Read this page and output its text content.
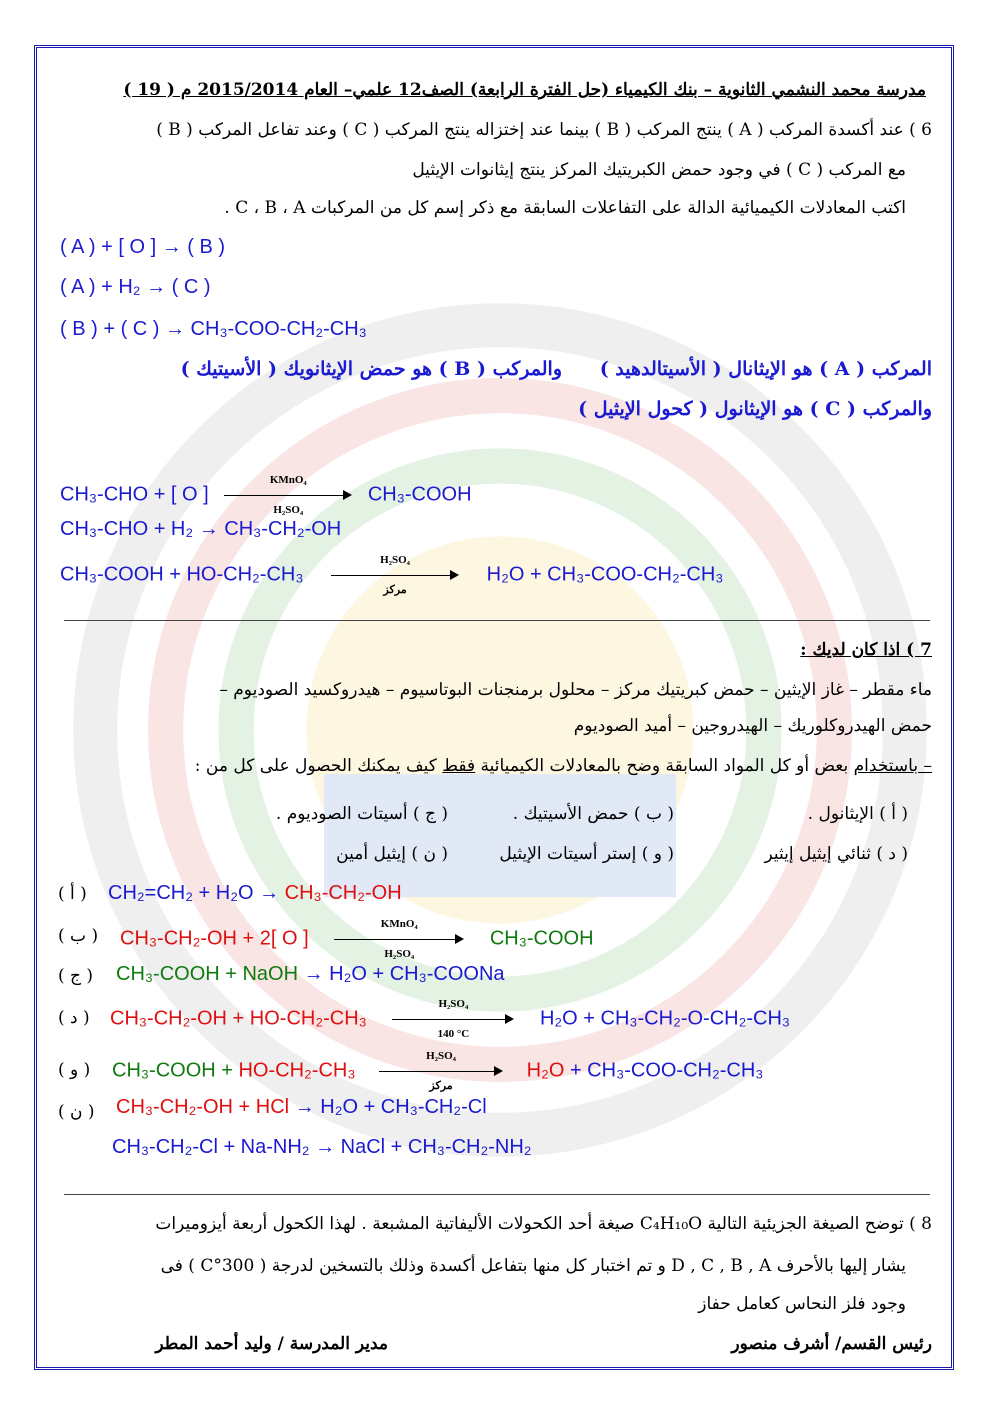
مدرسة محمد النشمي الثانوية – بنك الكيمياء (حل الفترة الرابعة) الصف12 علمي– العام 2015/2014 م ( 19 )
6 ) عند أكسدة المركب ( A ) ينتج المركب ( B ) بينما عند إختزاله ينتج المركب ( C ) وعند تفاعل المركب ( B )
مع المركب ( C ) في وجود حمض الكبريتيك المركز ينتج إيثانوات الإيثيل
اكتب المعادلات الكيميائية الدالة على التفاعلات السابقة مع ذكر إسم كل من المركبات C ، B ، A .
( A ) + [ O ] → ( B )
( A ) + H₂ → ( C )
( B ) + ( C ) → CH₃-COO-CH₂-CH₃
المركب ( A ) هو الإيثانال ( الأسيتالدهيد )
والمركب ( B ) هو حمض الإيثانويك ( الأسيتيك )
والمركب ( C ) هو الإيثانول ( كحول الإيثيل )
CH₃-CHO + [ O ]
KMnO₄
H₂SO₄
CH₃-COOH
CH₃-CHO + H₂ → CH₃-CH₂-OH
CH₃-COOH + HO-CH₂-CH₃
H₂SO₄
مركز
H₂O + CH₃-COO-CH₂-CH₃
7 ) اذا كان لديك :
ماء مقطر – غاز الإيثين – حمض كبريتيك مركز – محلول برمنجنات البوتاسيوم – هيدروكسيد الصوديوم –
حمض الهيدروكلوريك – الهيدروجين – أميد الصوديوم
– باستخدام بعض أو كل المواد السابقة وضح بالمعادلات الكيميائية فقط كيف يمكنك الحصول على كل من :
( أ ) الإيثانول .
( ب ) حمض الأسيتيك .
( ج ) أسيتات الصوديوم .
( د ) ثنائي إيثيل إيثير
( و ) إستر أسيتات الإيثيل
( ن ) إيثيل أمين
( أ ) CH₂=CH₂ + H₂O → CH₃-CH₂-OH
( ب ) CH₃-CH₂-OH + 2[ O ]
KMnO₄
H₂SO₄
CH₃-COOH
( ج ) CH₃-COOH + NaOH → H₂O + CH₃-COONa
( د ) $CH_3-CH_2-OH + HO-CH_2-CH_3 \frac{\text{H₂SO₄}}{140 ^\circ C} H_2O + CH_3-CH_2-O-CH_2-CH_3$
( و ) CH₃-COOH + HO-CH₂-CH₃
H₂SO₄
مركز
H₂O + CH₃-COO-CH₂-CH₃
( ن ) CH₃-CH₂-OH + HCl → H₂O + CH₃-CH₂-Cl
CH₃-CH₂-Cl + Na-NH₂ → NaCl + CH₃-CH₂-NH₂
8 ) توضح الصيغة الجزيئية التالية C₄H₁₀O صيغة أحد الكحولات الأليفاتية المشبعة . لهذا الكحول أربعة أيزوميرات
يشار إليها بالأحرف D , C , B , A و تم اختبار كل منها بتفاعل أكسدة وذلك بالتسخين لدرجة ( 300°C ) فى
وجود فلز النحاس كعامل حفاز
رئيس القسم/ أشرف منصور
مدير المدرسة / وليد أحمد المطر
